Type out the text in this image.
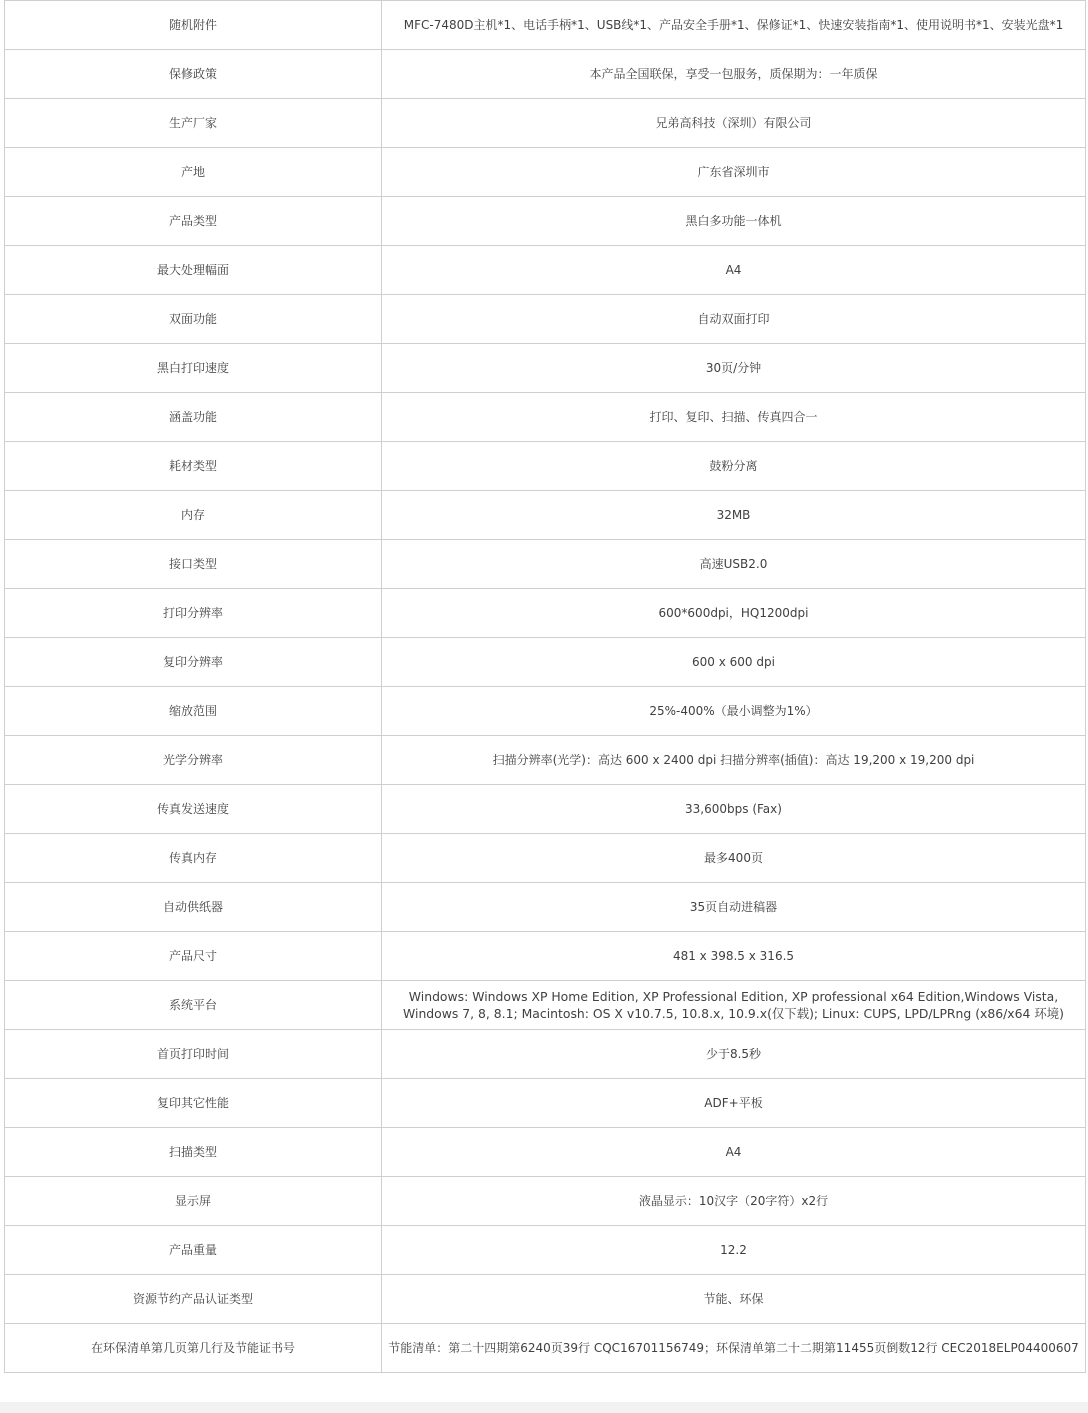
随机附件	MFC-7480D主机*1、电话手柄*1、USB线*1、产品安全手册*1、保修证*1、快速安装指南*1、使用说明书*1、安装光盘*1
保修政策	本产品全国联保，享受一包服务，质保期为：一年质保
生产厂家	兄弟高科技（深圳）有限公司
产地	广东省深圳市
产品类型	黑白多功能一体机
最大处理幅面	A4
双面功能	自动双面打印
黑白打印速度	30页/分钟
涵盖功能	打印、复印、扫描、传真四合一
耗材类型	鼓粉分离
内存	32MB
接口类型	高速USB2.0
打印分辨率	600*600dpi，HQ1200dpi
复印分辨率	600 x 600 dpi
缩放范围	25%-400%（最小调整为1%）
光学分辨率	扫描分辨率(光学)：高达 600 x 2400 dpi 扫描分辨率(插值)：高达 19,200 x 19,200 dpi
传真发送速度	33,600bps (Fax)
传真内存	最多400页
自动供纸器	35页自动进稿器
产品尺寸	481 x 398.5 x 316.5
系统平台	Windows: Windows XP Home Edition, XP Professional Edition, XP professional x64 Edition,Windows Vista, Windows 7, 8, 8.1; Macintosh: OS X v10.7.5, 10.8.x, 10.9.x(仅下载); Linux: CUPS, LPD/LPRng (x86/x64 环境)
首页打印时间	少于8.5秒
复印其它性能	ADF+平板
扫描类型	A4
显示屏	液晶显示：10汉字（20字符）x2行
产品重量	12.2
资源节约产品认证类型	节能、环保
在环保清单第几页第几行及节能证书号	节能清单：第二十四期第6240页39行 CQC16701156749；环保清单第二十二期第11455页倒数12行 CEC2018ELP04400607
